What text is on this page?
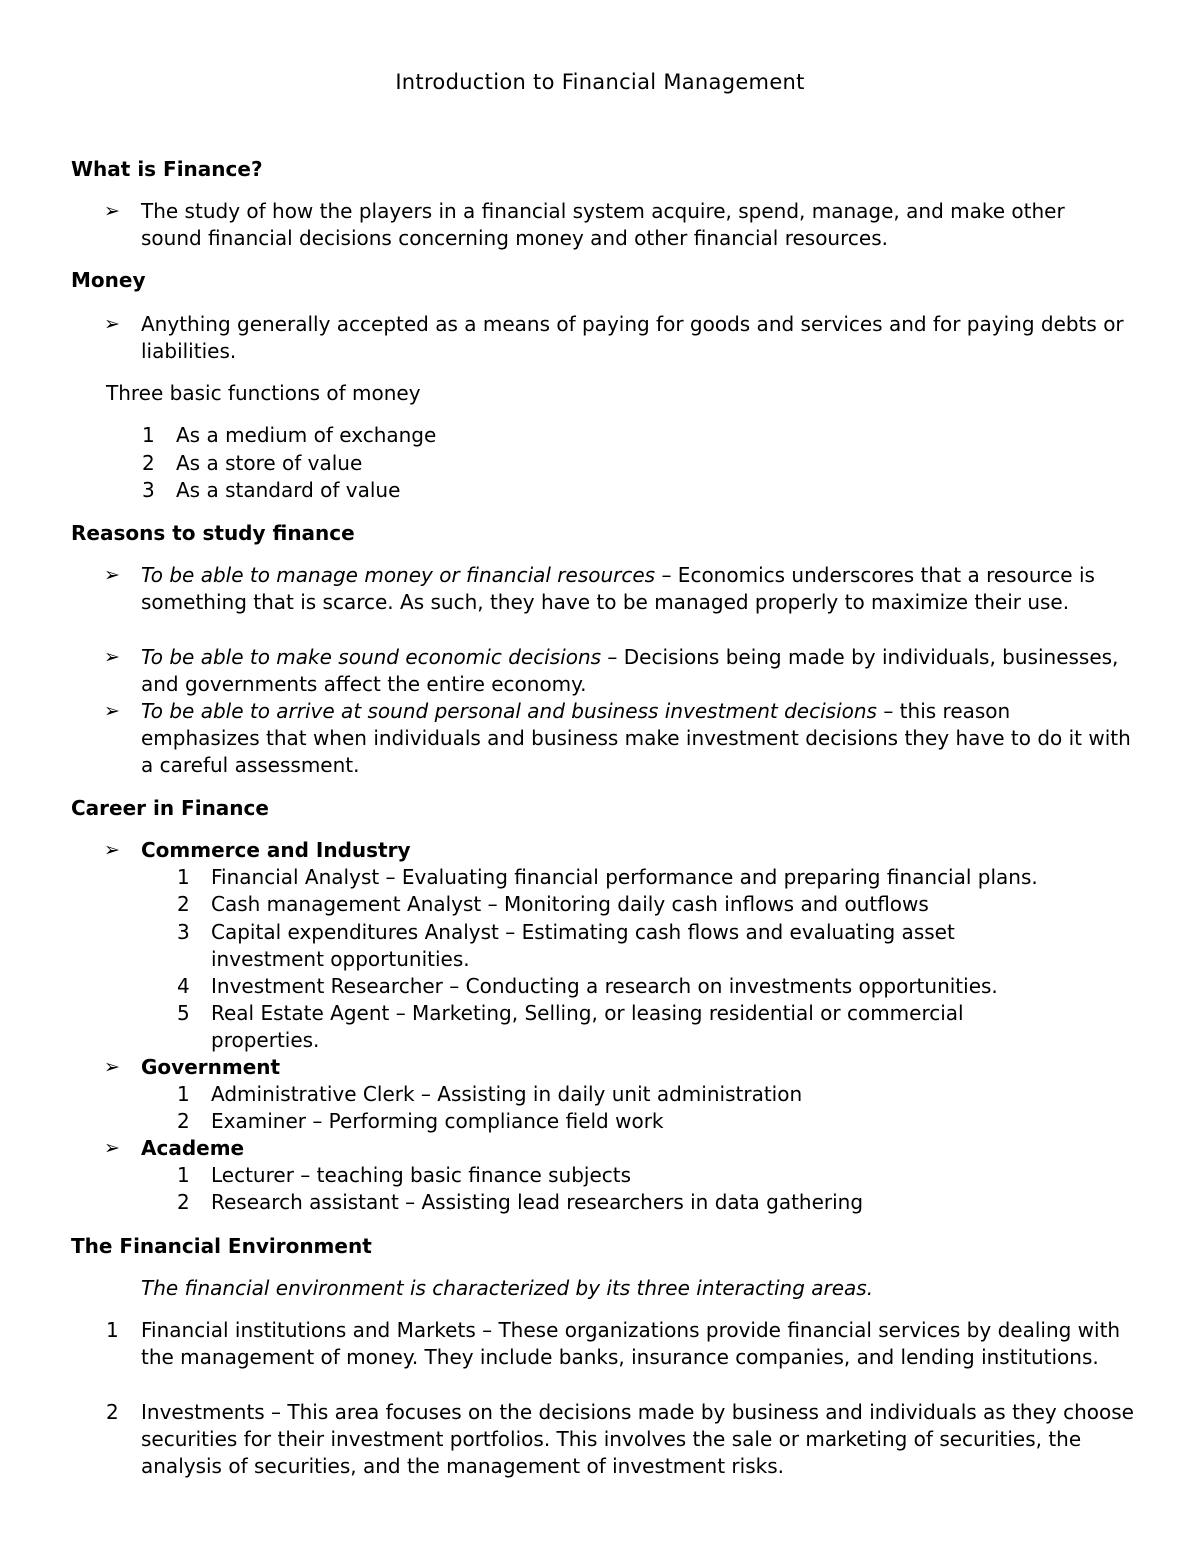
Introduction to Financial Management
What is Finance?
➢ The study of how the players in a financial system acquire, spend, manage, and make other sound financial decisions concerning money and other financial resources.
Money
➢ Anything generally accepted as a means of paying for goods and services and for paying debts or liabilities.
Three basic functions of money
1 As a medium of exchange
2 As a store of value
3 As a standard of value
Reasons to study finance
➢ To be able to manage money or financial resources – Economics underscores that a resource is something that is scarce. As such, they have to be managed properly to maximize their use.
➢ To be able to make sound economic decisions – Decisions being made by individuals, businesses, and governments affect the entire economy.
➢ To be able to arrive at sound personal and business investment decisions – this reason emphasizes that when individuals and business make investment decisions they have to do it with a careful assessment.
Career in Finance
➢ Commerce and Industry
1 Financial Analyst – Evaluating financial performance and preparing financial plans.
2 Cash management Analyst – Monitoring daily cash inflows and outflows
3 Capital expenditures Analyst – Estimating cash flows and evaluating asset investment opportunities.
4 Investment Researcher – Conducting a research on investments opportunities.
5 Real Estate Agent – Marketing, Selling, or leasing residential or commercial properties.
➢ Government
1 Administrative Clerk – Assisting in daily unit administration
2 Examiner – Performing compliance field work
➢ Academe
1 Lecturer – teaching basic finance subjects
2 Research assistant – Assisting lead researchers in data gathering
The Financial Environment
The financial environment is characterized by its three interacting areas.
1 Financial institutions and Markets – These organizations provide financial services by dealing with the management of money. They include banks, insurance companies, and lending institutions.
2 Investments – This area focuses on the decisions made by business and individuals as they choose securities for their investment portfolios. This involves the sale or marketing of securities, the analysis of securities, and the management of investment risks.
